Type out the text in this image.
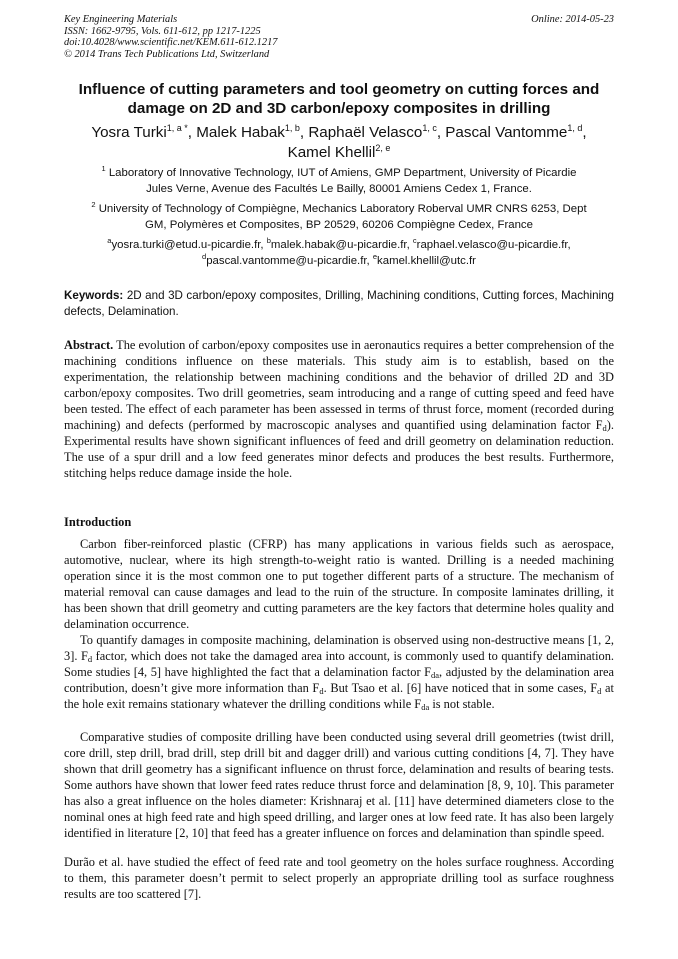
Key Engineering Materials
ISSN: 1662-9795, Vols. 611-612, pp 1217-1225
doi:10.4028/www.scientific.net/KEM.611-612.1217
© 2014 Trans Tech Publications Ltd, Switzerland
Online: 2014-05-23
Influence of cutting parameters and tool geometry on cutting forces and
damage on 2D and 3D carbon/epoxy composites in drilling
Yosra Turki$^{1, a *}$, Malek Habak$^{1, b}$, Raphaël Velasco$^{1, c}$, Pascal Vantomme$^{1, d}$,
Kamel Khellil$^{2, e}$
$^1$ Laboratory of Innovative Technology, IUT of Amiens, GMP Department, University of Picardie
Jules Verne, Avenue des Facultés Le Bailly, 80001 Amiens Cedex 1, France.
$^2$ University of Technology of Compiègne, Mechanics Laboratory Roberval UMR CNRS 6253, Dept
GM, Polymères et Composites, BP 20529, 60206 Compiègne Cedex, France
$^a$yosra.turki@etud.u-picardie.fr, $^b$malek.habak@u-picardie.fr, $^c$raphael.velasco@u-picardie.fr,
$^d$pascal.vantomme@u-picardie.fr, $^e$kamel.khellil@utc.fr
Keywords: 2D and 3D carbon/epoxy composites, Drilling, Machining conditions, Cutting forces, Machining defects, Delamination.
Abstract. The evolution of carbon/epoxy composites use in aeronautics requires a better comprehension of the machining conditions influence on these materials. This study aim is to establish, based on the experimentation, the relationship between machining conditions and the behavior of drilled 2D and 3D carbon/epoxy composites. Two drill geometries, seam introducing and a range of cutting speed and feed have been tested. The effect of each parameter has been assessed in terms of thrust force, moment (recorded during machining) and defects (performed by macroscopic analyses and quantified using delamination factor $F_d$). Experimental results have shown significant influences of feed and drill geometry on delamination reduction. The use of a spur drill and a low feed generates minor defects and produces the best results. Furthermore, stitching helps reduce damage inside the hole.
Introduction
Carbon fiber-reinforced plastic (CFRP) has many applications in various fields such as aerospace, automotive, nuclear, where its high strength-to-weight ratio is wanted. Drilling is a needed machining operation since it is the most common one to put together different parts of a structure. The mechanism of material removal can cause damages and lead to the ruin of the structure. In composite laminates drilling, it has been shown that drill geometry and cutting parameters are the key factors that determine holes quality and delamination occurrence.
To quantify damages in composite machining, delamination is observed using non-destructive means [1, 2, 3]. $F_d$ factor, which does not take the damaged area into account, is commonly used to quantify delamination. Some studies [4, 5] have highlighted the fact that a delamination factor $F_{da}$, adjusted by the delamination area contribution, doesn’t give more information than $F_d$. But Tsao et al. [6] have noticed that in some cases, $F_d$ at the hole exit remains stationary whatever the drilling conditions while $F_{da}$ is not stable.
Comparative studies of composite drilling have been conducted using several drill geometries (twist drill, core drill, step drill, brad drill, step drill bit and dagger drill) and various cutting conditions [4, 7]. They have shown that drill geometry has a significant influence on thrust force, delamination and results of bearing tests. Some authors have shown that lower feed rates reduce thrust force and delamination [8, 9, 10]. This parameter has also a great influence on the holes diameter: Krishnaraj et al. [11] have determined diameters close to the nominal ones at high feed rate and high speed drilling, and larger ones at low feed rate. It has also been largely identified in literature [2, 10] that feed has a greater influence on forces and delamination than spindle speed.
Durão et al. have studied the effect of feed rate and tool geometry on the holes surface roughness. According to them, this parameter doesn’t permit to select properly an appropriate drilling tool as surface roughness results are too scattered [7].
